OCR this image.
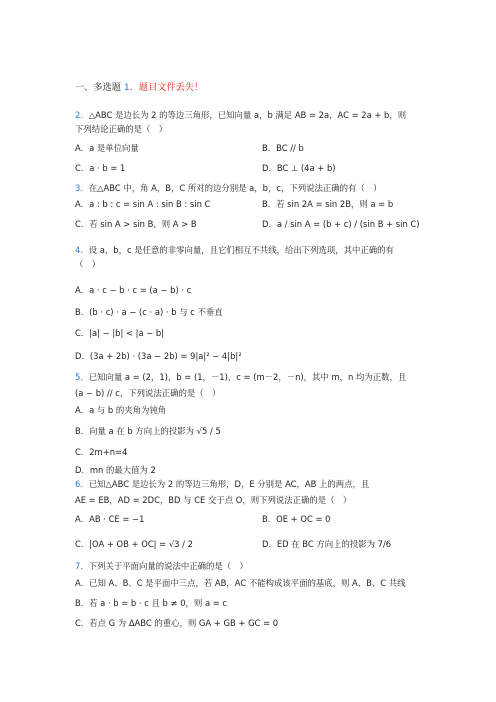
一、多选题 1．题目文件丢失！
2．△ABC 是边长为 2 的等边三角形，已知向量 a，b 满足 AB = 2a，AC = 2a + b，则
下列结论正确的是（　）
A．a 是单位向量	B．BC // b
C．a · b = 1	D．BC ⊥ (4a + b)
3．在△ABC 中，角 A，B，C 所对的边分别是 a，b，c，下列说法正确的有（　）
A．a : b : c = sin A : sin B : sin C	B．若 sin 2A = sin 2B，则 a = b
C．若 sin A > sin B，则 A > B	D．a / sin A = (b + c) / (sin B + sin C)
4．设 a，b，c 是任意的非零向量，且它们相互不共线，给出下列选项，其中正确的有
（　）
A．a · c − b · c = (a − b) · c
B．(b · c) · a − (c · a) · b 与 c 不垂直
C．|a| − |b| < |a − b|
D．(3a + 2b) · (3a − 2b) = 9|a|² − 4|b|²
5．已知向量 a = (2，1)，b = (1，－1)，c = (m－2，－n)，其中 m，n 均为正数，且
(a − b) // c，下列说法正确的是（　）
A．a 与 b 的夹角为钝角
B．向量 a 在 b 方向上的投影为 √5 / 5
C．2m+n=4
D．mn 的最大值为 2
6．已知△ABC 是边长为 2 的等边三角形，D，E 分别是 AC，AB 上的两点，且
AE = EB，AD = 2DC，BD 与 CE 交于点 O，则下列说法正确的是（　）
A．AB · CE = −1	B．OE + OC = 0
C．|OA + OB + OC| = √3 / 2	D．ED 在 BC 方向上的投影为 7/6
7．下列关于平面向量的说法中正确的是（　）
A．已知 A、B、C 是平面中三点，若 AB，AC 不能构成该平面的基底，则 A、B、C 共线
B．若 a · b = b · c 且 b ≠ 0，则 a = c
C．若点 G 为 ΔABC 的重心，则 GA + GB + GC = 0
